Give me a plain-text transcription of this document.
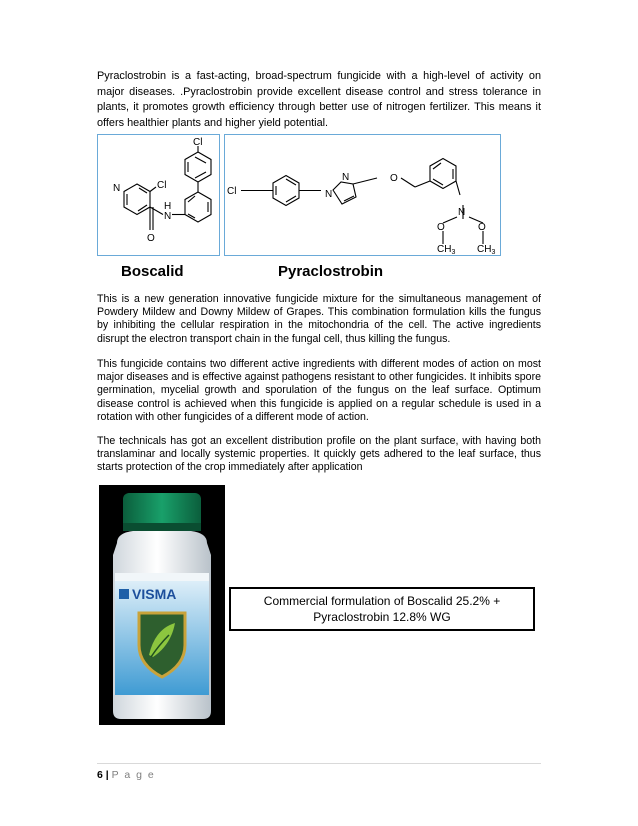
Pyraclostrobin is a fast-acting, broad-spectrum fungicide with a high-level of activity on major diseases. .Pyraclostrobin provide excellent disease control and stress tolerance in plants, it promotes growth efficiency through better use of nitrogen fertilizer. This means it offers healthier plants and higher yield potential.

Cl
N	Cl
H
N
O
Cl
N
N
O
N
O	O
$CH_3$ $CH_3$
Boscalid	Pyraclostrobin

This is a new generation innovative fungicide mixture for the simultaneous management of Powdery Mildew and Downy Mildew of Grapes. This combination formulation kills the fungus by inhibiting the cellular respiration in the mitochondria of the cell. The active ingredients disrupt the electron transport chain in the fungal cell, thus killing the fungus.

This fungicide contains two different active ingredients with different modes of action on most major diseases and is effective against pathogens resistant to other fungicides. It inhibits spore germination, mycelial growth and sporulation of the fungus on the leaf surface. Optimum disease control is achieved when this fungicide is applied on a regular schedule is used in a rotation with other fungicides of a different mode of action.

The technicals has got an excellent distribution profile on the plant surface, with having both translaminar and locally systemic properties. It quickly gets adhered to the leaf surface, thus starts protection of the crop immediately after application

VISMA	Commercial formulation of Boscalid 25.2% + Pyraclostrobin 12.8% WG
6 | P a g e
